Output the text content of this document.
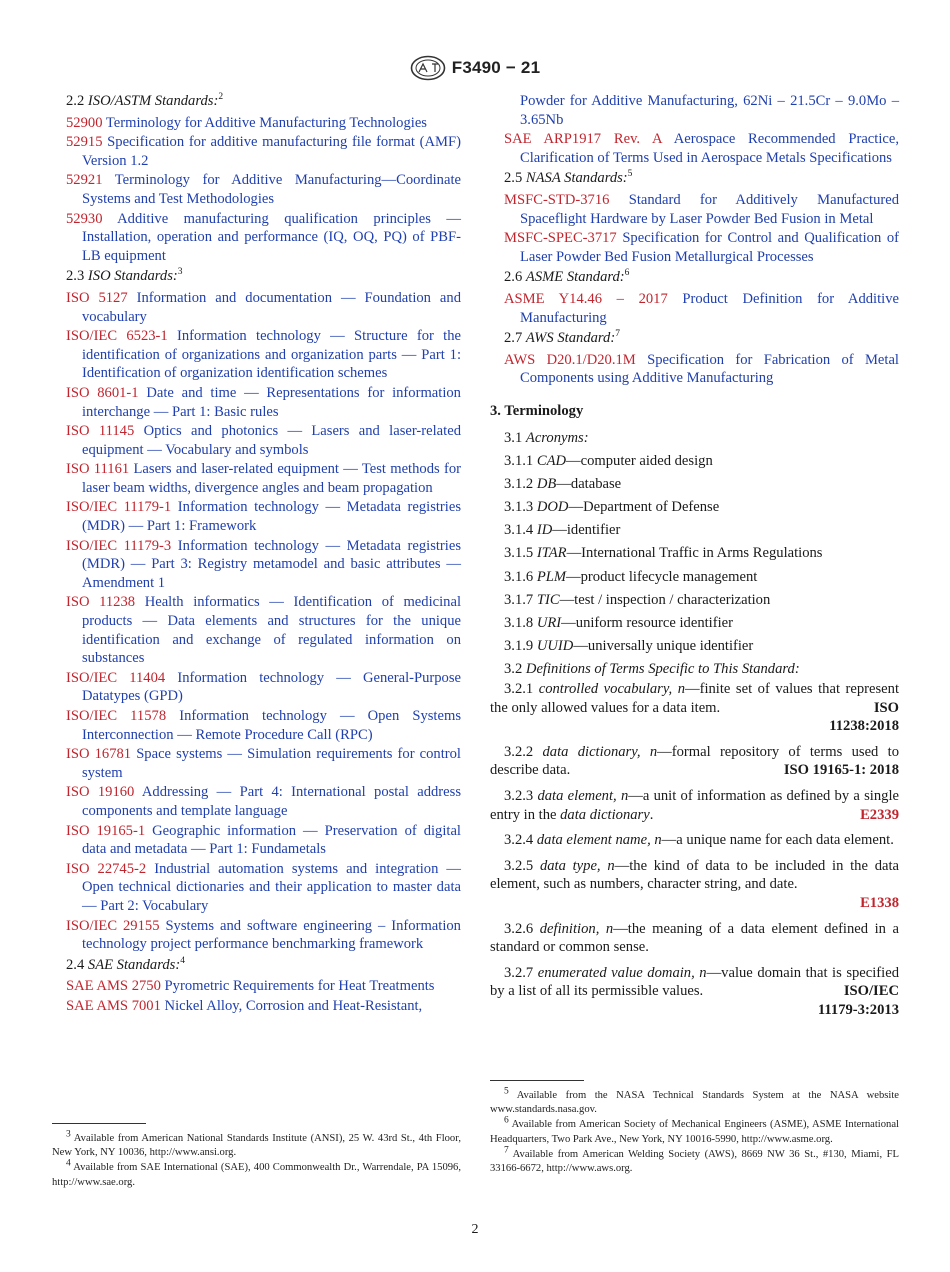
F3490 − 21
2.2 ISO/ASTM Standards:$^2$
52900 Terminology for Additive Manufacturing Technologies
52915 Specification for additive manufacturing file format (AMF) Version 1.2
52921 Terminology for Additive Manufacturing—Coordinate Systems and Test Methodologies
52930 Additive manufacturing qualification principles — Installation, operation and performance (IQ, OQ, PQ) of PBF-LB equipment
2.3 ISO Standards:$^3$
ISO 5127 Information and documentation — Foundation and vocabulary
ISO/IEC 6523-1 Information technology — Structure for the identification of organizations and organization parts — Part 1: Identification of organization identification schemes
ISO 8601-1 Date and time — Representations for information interchange — Part 1: Basic rules
ISO 11145 Optics and photonics — Lasers and laser-related equipment — Vocabulary and symbols
ISO 11161 Lasers and laser-related equipment — Test methods for laser beam widths, divergence angles and beam propagation
ISO/IEC 11179-1 Information technology — Metadata registries (MDR) — Part 1: Framework
ISO/IEC 11179-3 Information technology — Metadata registries (MDR) — Part 3: Registry metamodel and basic attributes — Amendment 1
ISO 11238 Health informatics — Identification of medicinal products — Data elements and structures for the unique identification and exchange of regulated information on substances
ISO/IEC 11404 Information technology — General-Purpose Datatypes (GPD)
ISO/IEC 11578 Information technology — Open Systems Interconnection — Remote Procedure Call (RPC)
ISO 16781 Space systems — Simulation requirements for control system
ISO 19160 Addressing — Part 4: International postal address components and template language
ISO 19165-1 Geographic information — Preservation of digital data and metadata — Part 1: Fundametals
ISO 22745-2 Industrial automation systems and integration — Open technical dictionaries and their application to master data — Part 2: Vocabulary
ISO/IEC 29155 Systems and software engineering – Information technology project performance benchmarking framework
2.4 SAE Standards:$^4$
SAE AMS 2750 Pyrometric Requirements for Heat Treatments
SAE AMS 7001 Nickel Alloy, Corrosion and Heat-Resistant,
Powder for Additive Manufacturing, 62Ni – 21.5Cr – 9.0Mo – 3.65Nb
SAE ARP1917 Rev. A Aerospace Recommended Practice, Clarification of Terms Used in Aerospace Metals Specifications
2.5 NASA Standards:$^5$
MSFC-STD-3716 Standard for Additively Manufactured Spaceflight Hardware by Laser Powder Bed Fusion in Metal
MSFC-SPEC-3717 Specification for Control and Qualification of Laser Powder Bed Fusion Metallurgical Processes
2.6 ASME Standard:$^6$
ASME Y14.46 – 2017 Product Definition for Additive Manufacturing
2.7 AWS Standard:$^7$
AWS D20.1/D20.1M Specification for Fabrication of Metal Components using Additive Manufacturing
3. Terminology
3.1 Acronyms:
3.1.1 CAD—computer aided design
3.1.2 DB—database
3.1.3 DOD—Department of Defense
3.1.4 ID—identifier
3.1.5 ITAR—International Traffic in Arms Regulations
3.1.6 PLM—product lifecycle management
3.1.7 TIC—test / inspection / characterization
3.1.8 URI—uniform resource identifier
3.1.9 UUID—universally unique identifier
3.2 Definitions of Terms Specific to This Standard:
3.2.1 controlled vocabulary, n—finite set of values that represent the only allowed values for a data item.	ISO
11238:2018
3.2.2 data dictionary, n—formal repository of terms used to describe data.	ISO 19165-1: 2018
3.2.3 data element, n—a unit of information as defined by a single entry in the data dictionary.	E2339
3.2.4 data element name, n—a unique name for each data element.
3.2.5 data type, n—the kind of data to be included in the data element, such as numbers, character string, and date.
E1338
3.2.6 definition, n—the meaning of a data element defined in a standard or common sense.
3.2.7 enumerated value domain, n—value domain that is specified by a list of all its permissible values.	ISO/IEC
11179-3:2013

$^3$ Available from American National Standards Institute (ANSI), 25 W. 43rd St., 4th Floor, New York, NY 10036, http://www.ansi.org.

$^4$ Available from SAE International (SAE), 400 Commonwealth Dr., Warrendale, PA 15096, http://www.sae.org.

$^5$ Available from the NASA Technical Standards System at the NASA website www.standards.nasa.gov.

$^6$ Available from American Society of Mechanical Engineers (ASME), ASME International Headquarters, Two Park Ave., New York, NY 10016-5990, http://www.asme.org.

$^7$ Available from American Welding Society (AWS), 8669 NW 36 St., #130, Miami, FL 33166-6672, http://www.aws.org.

2
